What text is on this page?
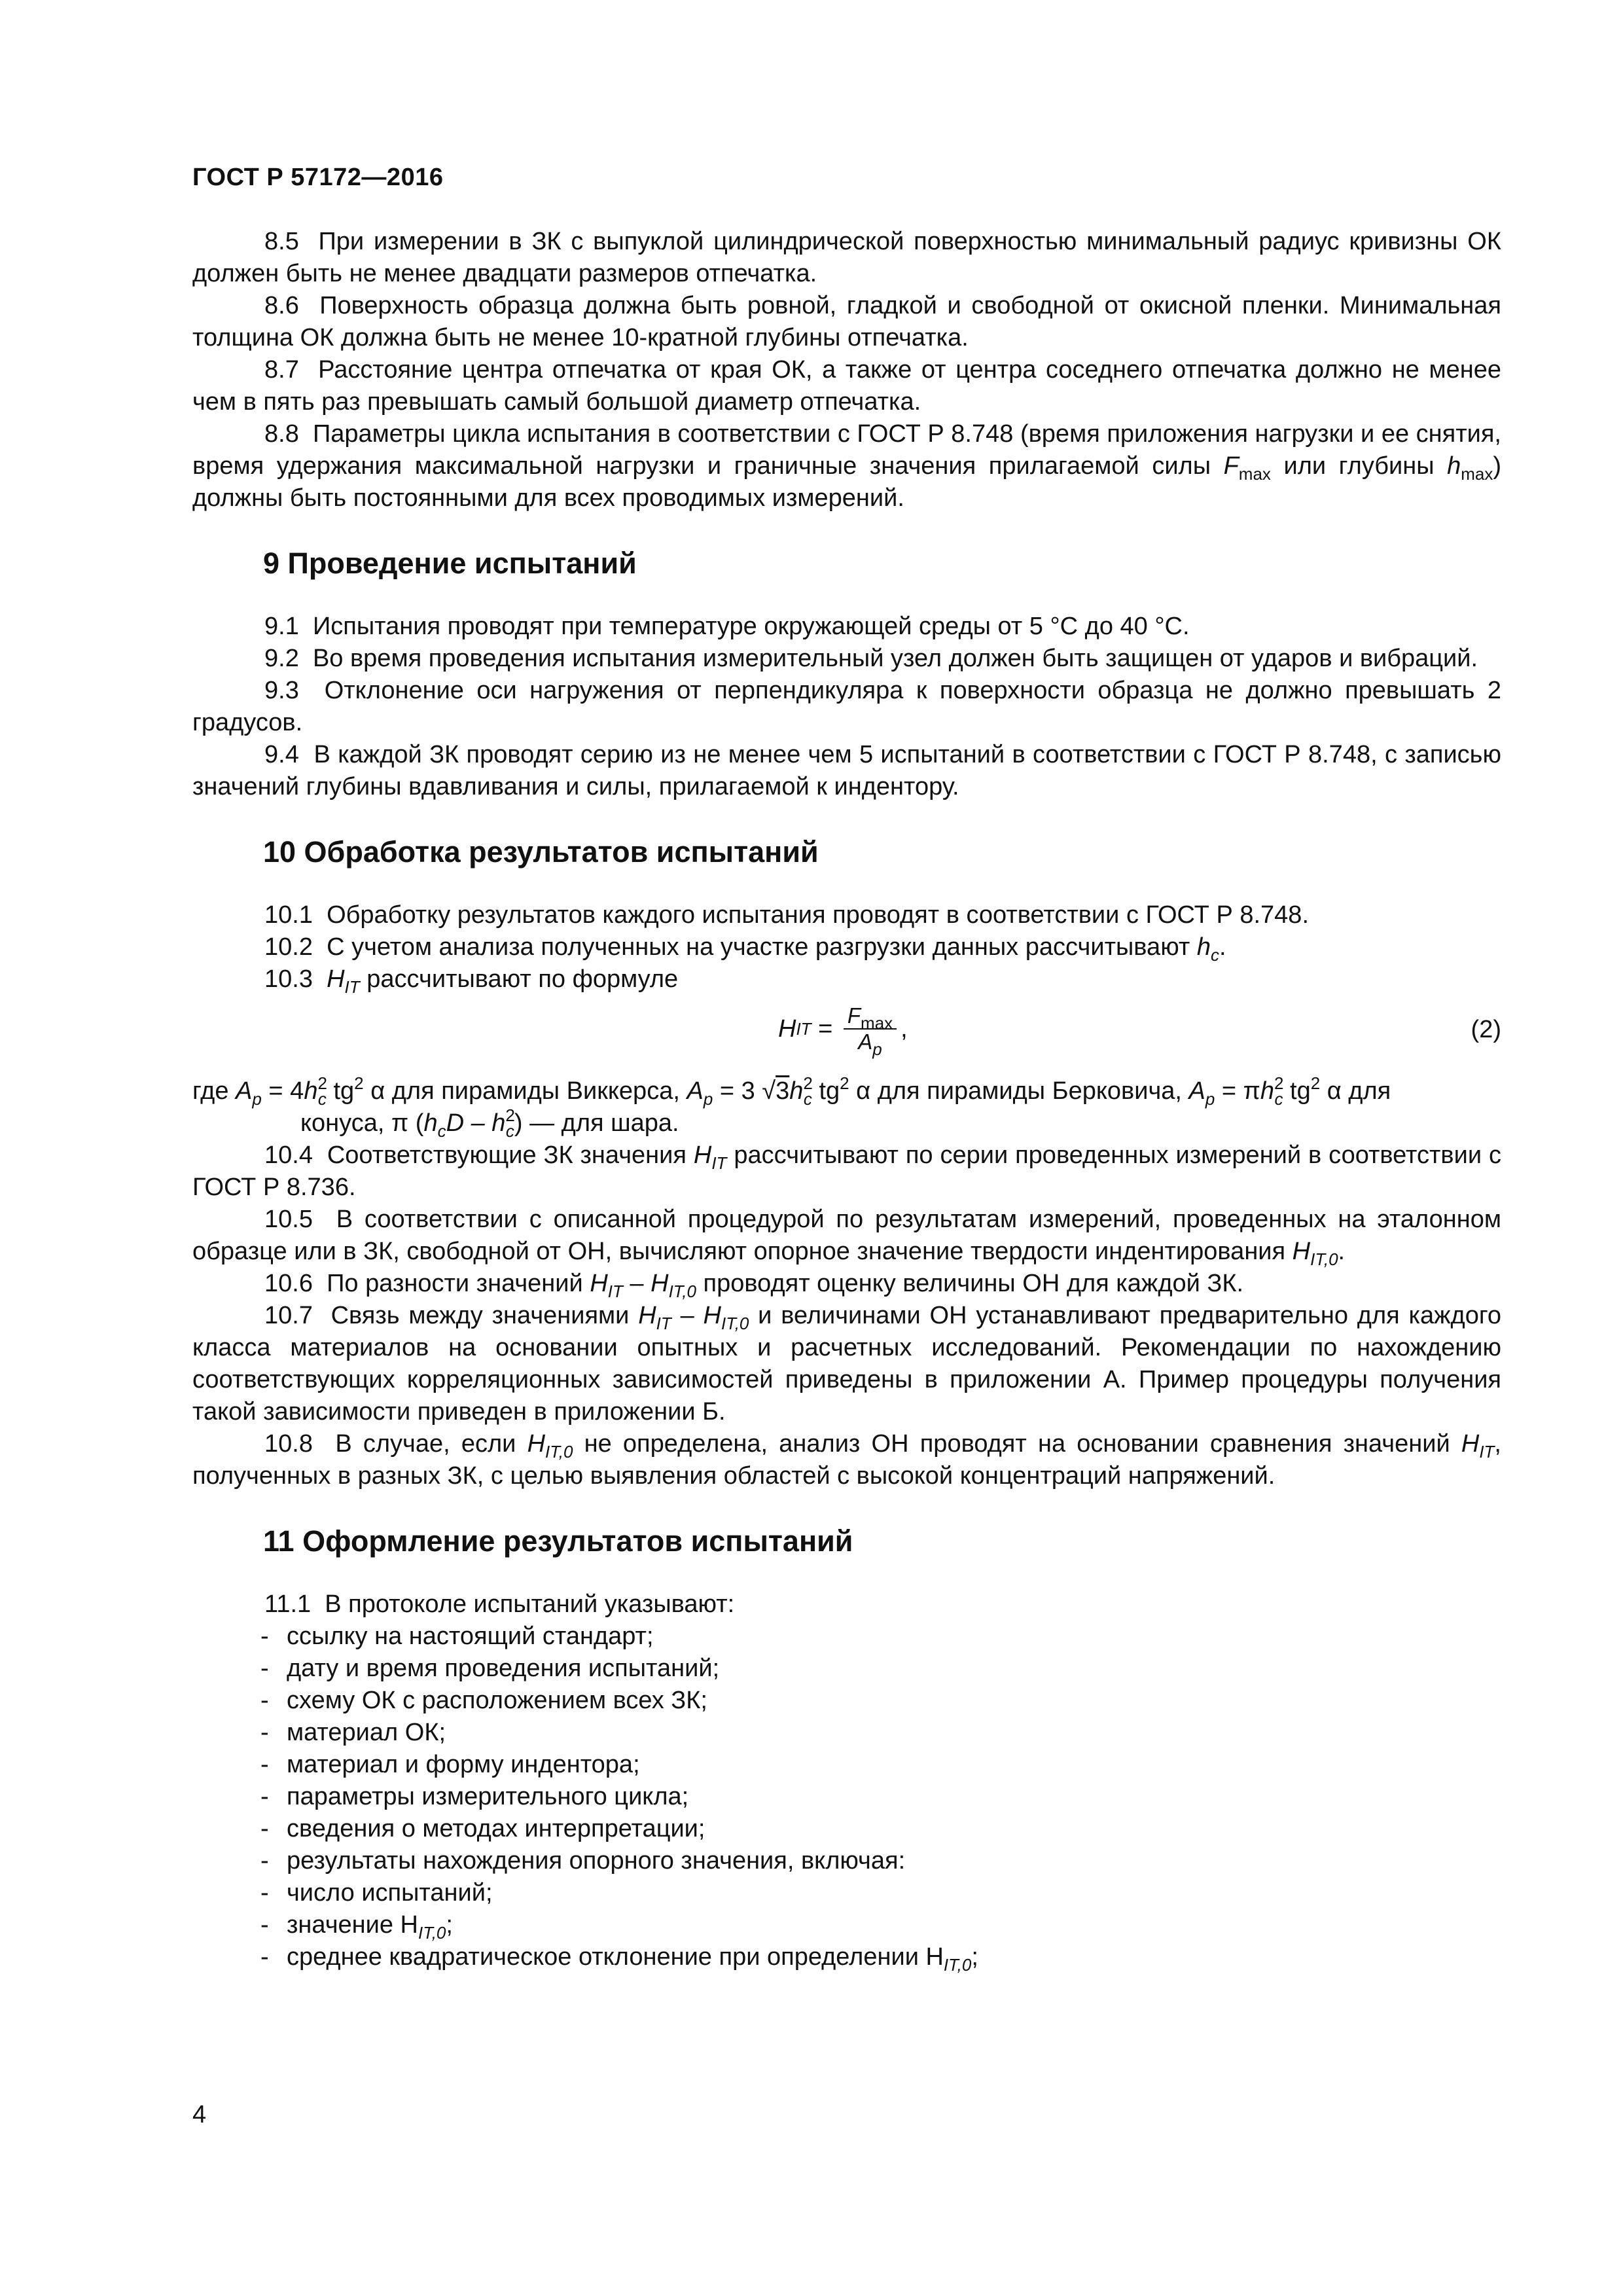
ГОСТ Р 57172—2016

8.5 При измерении в ЗК с выпуклой цилиндрической поверхностью минимальный радиус кривизны ОК должен быть не менее двадцати размеров отпечатка.

8.6 Поверхность образца должна быть ровной, гладкой и свободной от окисной пленки. Минимальная толщина ОК должна быть не менее 10-кратной глубины отпечатка.

8.7 Расстояние центра отпечатка от края ОК, а также от центра соседнего отпечатка должно не менее чем в пять раз превышать самый большой диаметр отпечатка.

8.8 Параметры цикла испытания в соответствии с ГОСТ Р 8.748 (время приложения нагрузки и ее снятия, время удержания максимальной нагрузки и граничные значения прилагаемой силы $F_{max}$ или глубины $h_{max}$) должны быть постоянными для всех проводимых измерений.

9 Проведение испытаний

9.1 Испытания проводят при температуре окружающей среды от 5 °С до 40 °С.

9.2 Во время проведения испытания измерительный узел должен быть защищен от ударов и вибраций.

9.3 Отклонение оси нагружения от перпендикуляра к поверхности образца не должно превышать 2 градусов.

9.4 В каждой ЗК проводят серию из не менее чем 5 испытаний в соответствии с ГОСТ Р 8.748, с записью значений глубины вдавливания и силы, прилагаемой к индентору.

10 Обработка результатов испытаний

10.1 Обработку результатов каждого испытания проводят в соответствии с ГОСТ Р 8.748.

10.2 С учетом анализа полученных на участке разгрузки данных рассчитывают $h_c$.

10.3 $H_{IT}$ рассчитывают по формуле

H IT = $\frac{F_{max}}{A_p}$ ,	(2)

где $A_p = 4h^2_c$ $tg^2$ α для пирамиды Виккерса, $A_p = 3$ $√3h^2_c$ $tg^2$ α для пирамиды Берковича, $A_p = \pi h^2_c$ $tg^2$ α для

конуса, π $(h_cD - h^2_c)$ — для шара.

10.4 Соответствующие ЗК значения $H_{IT}$ рассчитывают по серии проведенных измерений в соответствии с ГОСТ Р 8.736.

10.5 В соответствии с описанной процедурой по результатам измерений, проведенных на эталонном образце или в ЗК, свободной от ОН, вычисляют опорное значение твердости индентирования $H_{IT,0}$.

10.6 По разности значений $H_{IT} - H_{IT,0}$ проводят оценку величины ОН для каждой ЗК.

10.7 Связь между значениями $H_{IT} - H_{IT,0}$ и величинами ОН устанавливают предварительно для каждого класса материалов на основании опытных и расчетных исследований. Рекомендации по нахождению соответствующих корреляционных зависимостей приведены в приложении А. Пример процедуры получения такой зависимости приведен в приложении Б.

10.8 В случае, если $H_{IT,0}$ не определена, анализ ОН проводят на основании сравнения значений $H_{IT}$, полученных в разных ЗК, с целью выявления областей с высокой концентраций напряжений.

11 Оформление результатов испытаний

11.1 В протоколе испытаний указывают:

- ссылку на настоящий стандарт;
- дату и время проведения испытаний;
- схему ОК с расположением всех ЗК;
- материал ОК;
- материал и форму индентора;
- параметры измерительного цикла;
- сведения о методах интерпретации;
- результаты нахождения опорного значения, включая:
- число испытаний;
- значение $Н_{IT,0}$;
- среднее квадратическое отклонение при определении $Н_{IT,0}$;
4
